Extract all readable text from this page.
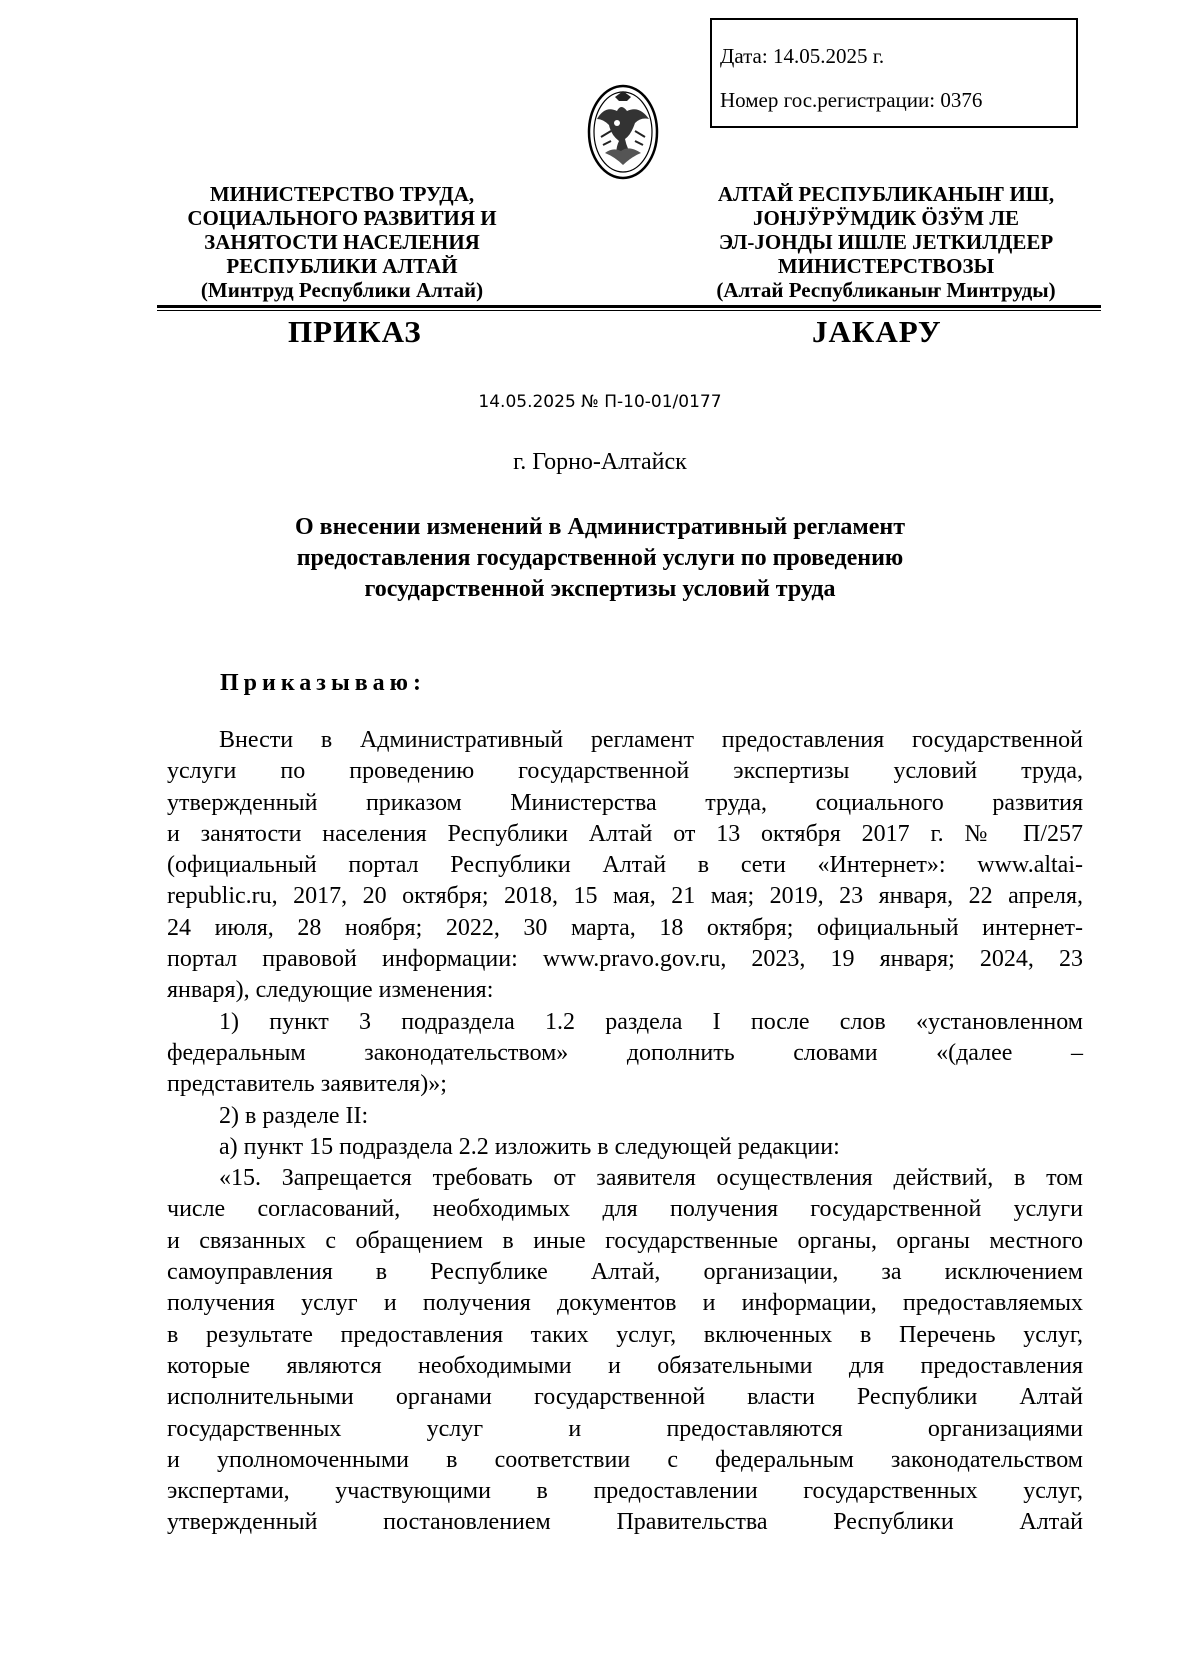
Дата: 14.05.2025 г.
Номер гос.регистрации: 0376
МИНИСТЕРСТВО ТРУДА,
СОЦИАЛЬНОГО РАЗВИТИЯ И
ЗАНЯТОСТИ НАСЕЛЕНИЯ
РЕСПУБЛИКИ АЛТАЙ
(Минтруд Республики Алтай)
АЛТАЙ РЕСПУБЛИКАНЫҤ ИШ,
ЈОНЈӰРӰМДИК ӦЗӰМ ЛЕ
ЭЛ-ЈОНДЫ ИШЛЕ ЈЕТКИЛДЕЕР
МИНИСТЕРСТВОЗЫ
(Алтай Республиканыҥ Минтруды)
ПРИКАЗ	ЈАКАРУ
14.05.2025 № П-10-01/0177
г. Горно-Алтайск
О внесении изменений в Административный регламент
предоставления государственной услуги по проведению
государственной экспертизы условий труда
Приказываю:
Внести в Административный регламент предоставления государственной
услуги по проведению государственной экспертизы условий труда,
утвержденный приказом Министерства труда, социального развития
и занятости населения Республики Алтай от 13 октября 2017 г. № П/257
(официальный портал Республики Алтай в сети «Интернет»: www.altai-
republic.ru, 2017, 20 октября; 2018, 15 мая, 21 мая; 2019, 23 января, 22 апреля,
24 июля, 28 ноября; 2022, 30 марта, 18 октября; официальный интернет-
портал правовой информации: www.pravo.gov.ru, 2023, 19 января; 2024, 23
января), следующие изменения:
1) пункт 3 подраздела 1.2 раздела I после слов «установленном
федеральным законодательством» дополнить словами «(далее –
представитель заявителя)»;
2) в разделе II:
а) пункт 15 подраздела 2.2 изложить в следующей редакции:
«15. Запрещается требовать от заявителя осуществления действий, в том
числе согласований, необходимых для получения государственной услуги
и связанных с обращением в иные государственные органы, органы местного
самоуправления в Республике Алтай, организации, за исключением
получения услуг и получения документов и информации, предоставляемых
в результате предоставления таких услуг, включенных в Перечень услуг,
которые являются необходимыми и обязательными для предоставления
исполнительными органами государственной власти Республики Алтай
государственных услуг и предоставляются организациями
и уполномоченными в соответствии с федеральным законодательством
экспертами, участвующими в предоставлении государственных услуг,
утвержденный постановлением Правительства Республики Алтай
